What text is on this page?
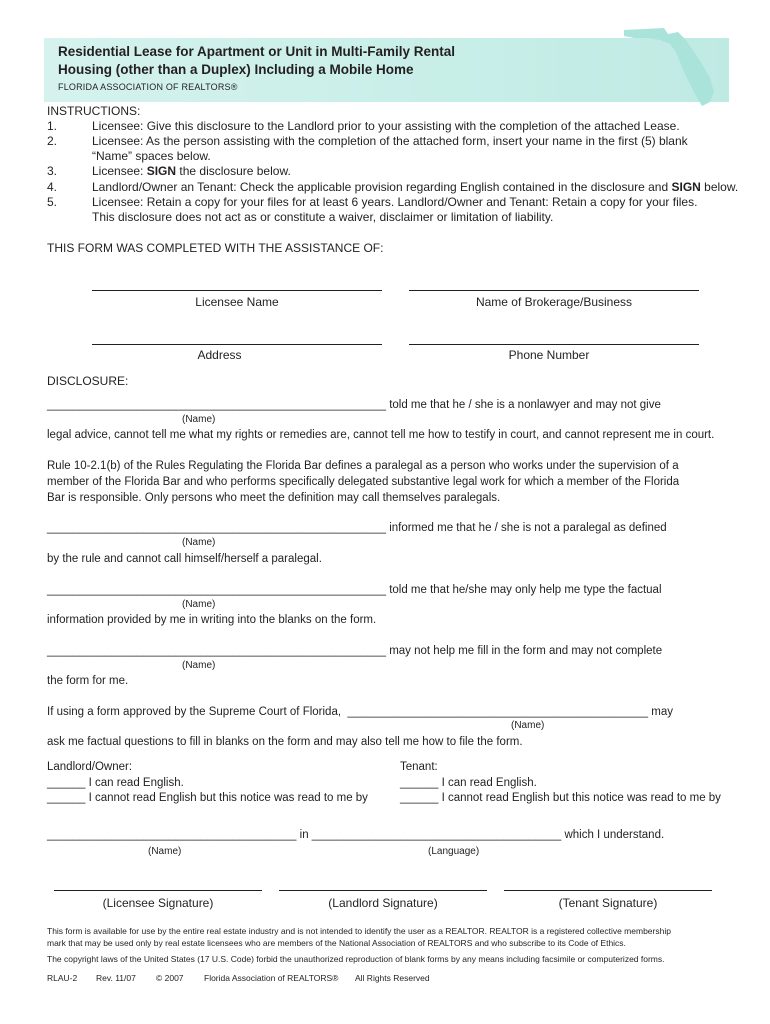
Residential Lease for Apartment or Unit in Multi-Family Rental
Housing (other than a Duplex) Including a Mobile Home
FLORIDA ASSOCIATION OF REALTORS®
INSTRUCTIONS:
1.	Licensee: Give this disclosure to the Landlord prior to your assisting with the completion of the attached Lease.
2.	Licensee: As the person assisting with the completion of the attached form, insert your name in the first (5) blank
“Name” spaces below.
3.	Licensee: SIGN the disclosure below.
4.	Landlord/Owner an Tenant: Check the applicable provision regarding English contained in the disclosure and SIGN below.
5.	Licensee: Retain a copy for your files for at least 6 years. Landlord/Owner and Tenant: Retain a copy for your files.
This disclosure does not act as or constitute a waiver, disclaimer or limitation of liability.
THIS FORM WAS COMPLETED WITH THE ASSISTANCE OF:
Licensee Name	Name of Brokerage/Business
Address	Phone Number
DISCLOSURE:
_____________________________________________________ told me that he / she is a nonlawyer and may not give
(Name)
legal advice, cannot tell me what my rights or remedies are, cannot tell me how to testify in court, and cannot represent me in court.
Rule 10-2.1(b) of the Rules Regulating the Florida Bar defines a paralegal as a person who works under the supervision of a
member of the Florida Bar and who performs specifically delegated substantive legal work for which a member of the Florida
Bar is responsible. Only persons who meet the definition may call themselves paralegals.
_____________________________________________________ informed me that he / she is not a paralegal as defined
(Name)
by the rule and cannot call himself/herself a paralegal.
_____________________________________________________ told me that he/she may only help me type the factual
(Name)
information provided by me in writing into the blanks on the form.
_____________________________________________________ may not help me fill in the form and may not complete
(Name)
the form for me.
If using a form approved by the Supreme Court of Florida, _______________________________________________ may
(Name)
ask me factual questions to fill in blanks on the form and may also tell me how to file the form.
Landlord/Owner:
______ I can read English.
______ I cannot read English but this notice was read to me by
Tenant:
______ I can read English.
______ I cannot read English but this notice was read to me by
_______________________________________ in _______________________________________ which I understand.
(Name)	(Language)
(Licensee Signature)	(Landlord Signature)	(Tenant Signature)
This form is available for use by the entire real estate industry and is not intended to identify the user as a REALTOR. REALTOR is a registered collective membership
mark that may be used only by real estate licensees who are members of the National Association of REALTORS and who subscribe to its Code of Ethics.
The copyright laws of the United States (17 U.S. Code) forbid the unauthorized reproduction of blank forms by any means including facsimile or computerized forms.
RLAU-2 Rev. 11/07 © 2007 Florida Association of REALTORS® All Rights Reserved
